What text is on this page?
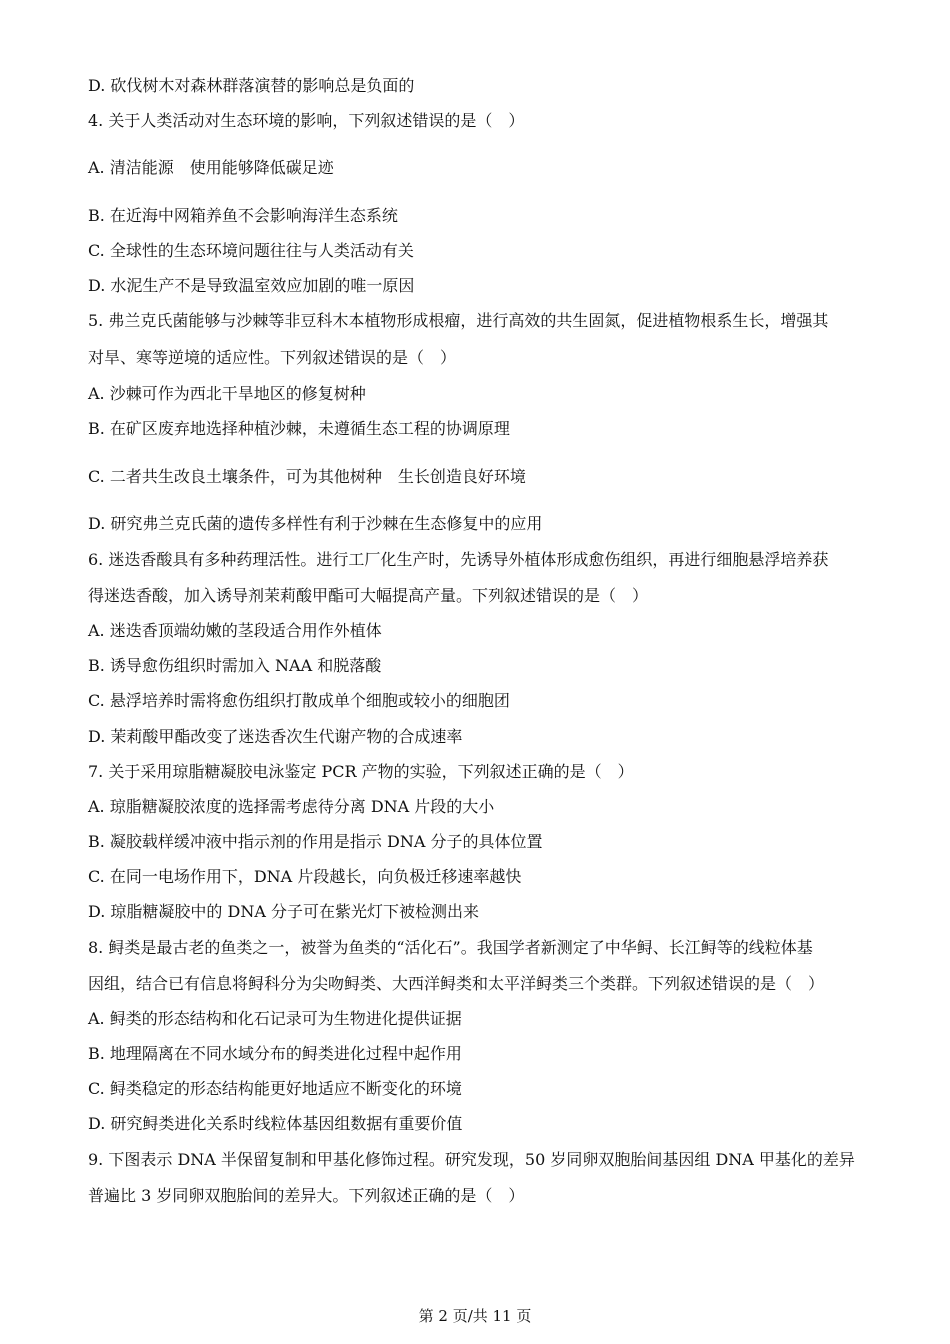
D. 砍伐树木对森林群落演替的影响总是负面的
4. 关于人类活动对生态环境的影响，下列叙述错误的是（　）
A. 清洁能源　使用能够降低碳足迹
B. 在近海中网箱养鱼不会影响海洋生态系统
C. 全球性的生态环境问题往往与人类活动有关
D. 水泥生产不是导致温室效应加剧的唯一原因
5. 弗兰克氏菌能够与沙棘等非豆科木本植物形成根瘤，进行高效的共生固氮，促进植物根系生长，增强其
对旱、寒等逆境的适应性。下列叙述错误的是（　）
A. 沙棘可作为西北干旱地区的修复树种
B. 在矿区废弃地选择种植沙棘，未遵循生态工程的协调原理
C. 二者共生改良土壤条件，可为其他树种　生长创造良好环境
D. 研究弗兰克氏菌的遗传多样性有利于沙棘在生态修复中的应用
6. 迷迭香酸具有多种药理活性。进行工厂化生产时，先诱导外植体形成愈伤组织，再进行细胞悬浮培养获
得迷迭香酸，加入诱导剂茉莉酸甲酯可大幅提高产量。下列叙述错误的是（　）
A. 迷迭香顶端幼嫩的茎段适合用作外植体
B. 诱导愈伤组织时需加入 NAA 和脱落酸
C. 悬浮培养时需将愈伤组织打散成单个细胞或较小的细胞团
D. 茉莉酸甲酯改变了迷迭香次生代谢产物的合成速率
7. 关于采用琼脂糖凝胶电泳鉴定 PCR 产物的实验，下列叙述正确的是（　）
A. 琼脂糖凝胶浓度的选择需考虑待分离 DNA 片段的大小
B. 凝胶载样缓冲液中指示剂的作用是指示 DNA 分子的具体位置
C. 在同一电场作用下，DNA 片段越长，向负极迁移速率越快
D. 琼脂糖凝胶中的 DNA 分子可在紫光灯下被检测出来
8. 鲟类是最古老的鱼类之一，被誉为鱼类的“活化石”。我国学者新测定了中华鲟、长江鲟等的线粒体基
因组，结合已有信息将鲟科分为尖吻鲟类、大西洋鲟类和太平洋鲟类三个类群。下列叙述错误的是（　）
A. 鲟类的形态结构和化石记录可为生物进化提供证据
B. 地理隔离在不同水域分布的鲟类进化过程中起作用
C. 鲟类稳定的形态结构能更好地适应不断变化的环境
D. 研究鲟类进化关系时线粒体基因组数据有重要价值
9. 下图表示 DNA 半保留复制和甲基化修饰过程。研究发现，50 岁同卵双胞胎间基因组 DNA 甲基化的差异
普遍比 3 岁同卵双胞胎间的差异大。下列叙述正确的是（　）
第 2 页/共 11 页
